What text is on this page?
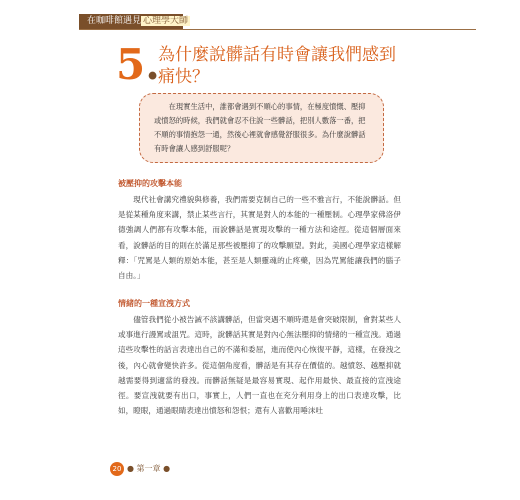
在咖啡館遇見 心理學大師
5.
為什麼說髒話有時會讓我們感到痛快？
在現實生活中，誰都會遇到不順心的事情，在極度憤慨、壓抑或憤怒的時候，我們就會忍不住說一些髒話，把別人數落一番，把不順的事情抱怨一通，然後心裡就會感覺舒服很多。為什麼說髒話有時會讓人感到舒服呢？
被壓抑的攻擊本能
現代社會講究禮貌與修養，我們需要克制自己的一些不雅言行，不能說髒話。但是從某種角度來講，禁止某些言行，其實是對人的本能的一種壓制。心理學家佛洛伊德強調人們都有攻擊本能，而說髒話是實現攻擊的一種方法和途徑。從這個層面來看，說髒話的目的則在於滿足那些被壓抑了的攻擊願望。對此，美國心理學家這樣解釋：「咒罵是人類的原始本能，甚至是人類靈魂的止疼藥，因為咒罵能讓我們的腦子自由。」
情緒的一種宣洩方式
儘管我們從小被告誡不該講髒話，但當突遇不順時還是會突破限制，會對某些人或事進行謾罵或詛咒。這時，說髒話其實是對內心無法壓抑的情緒的一種宣洩。通過這些攻擊性的話言表達出自己的不滿和委屈，進而使內心恢復平靜，這樣，在發洩之後，內心就會變快許多。從這個角度看，髒話是有其存在價值的。越憤怒、越壓抑就越需要得到適當的發洩。而髒話無疑是最容易實現、起作用最快、最直接的宣洩途徑。要宣洩就要有出口，事實上，人們一直也在充分利用身上的出口表達攻擊，比如，瞪眼，通過眼睛表達出憤怒和怨恨；還有人喜歡用唾沫吐
20 ● 第一章 ●
